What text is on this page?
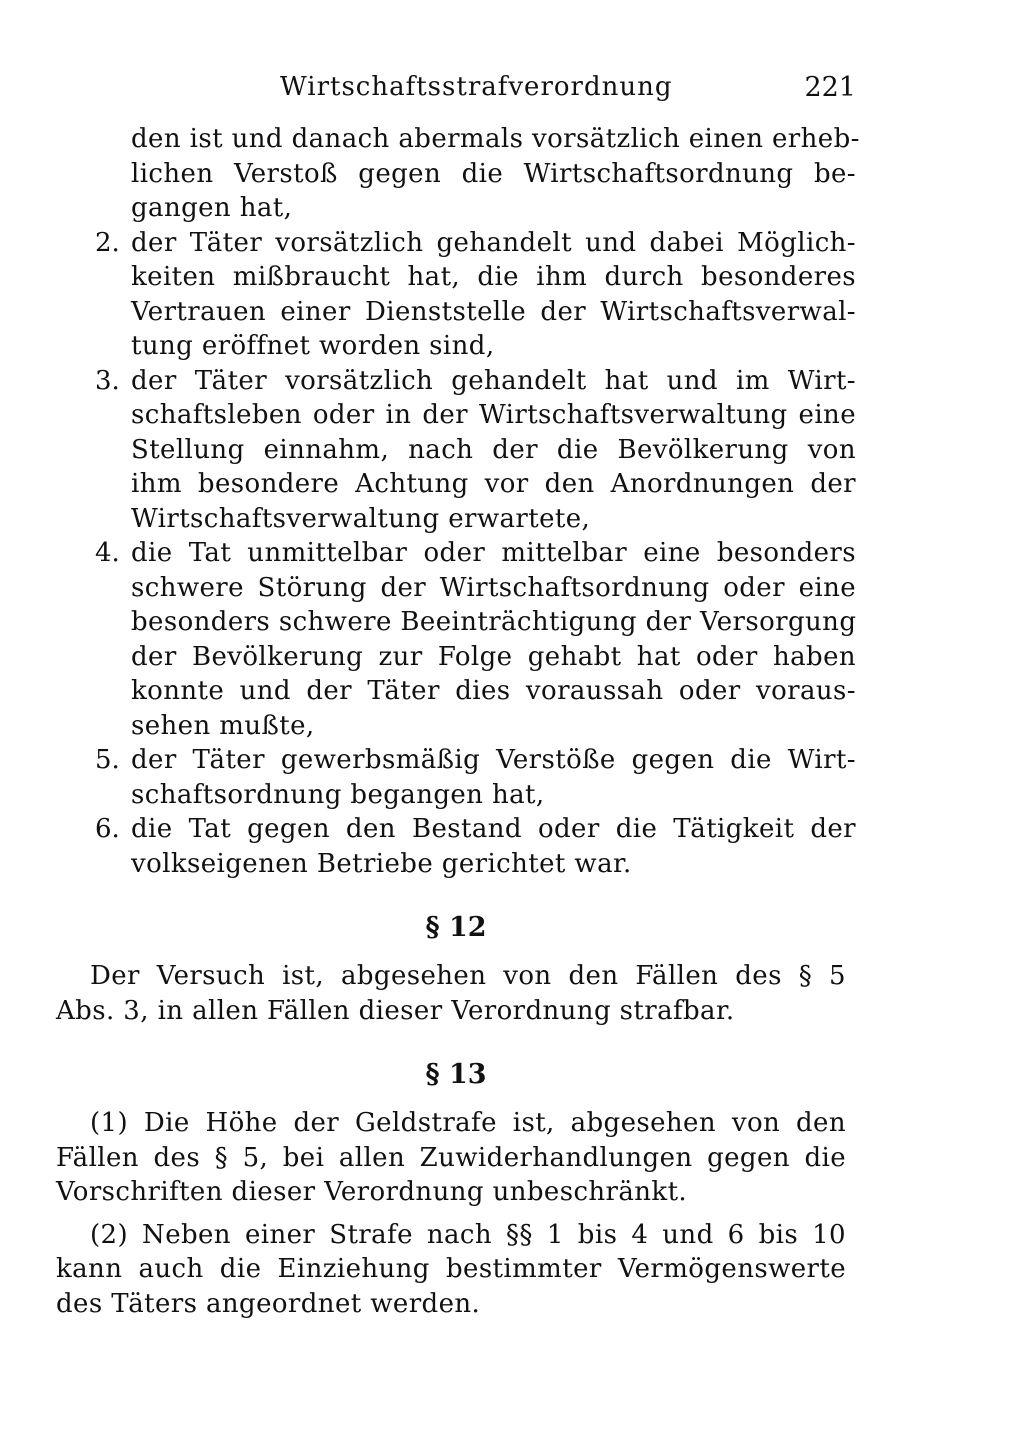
Wirtschaftsstrafverordnung	221
den ist und danach abermals vorsätzlich einen erheb-
lichen Verstoß gegen die Wirtschaftsordnung be-
gangen hat,
2. der Täter vorsätzlich gehandelt und dabei Möglich-
keiten mißbraucht hat, die ihm durch besonderes
Vertrauen einer Dienststelle der Wirtschaftsverwal-
tung eröffnet worden sind,
3. der Täter vorsätzlich gehandelt hat und im Wirt-
schaftsleben oder in der Wirtschaftsverwaltung eine
Stellung einnahm, nach der die Bevölkerung von
ihm besondere Achtung vor den Anordnungen der
Wirtschaftsverwaltung erwartete,
4. die Tat unmittelbar oder mittelbar eine besonders
schwere Störung der Wirtschaftsordnung oder eine
besonders schwere Beeinträchtigung der Versorgung
der Bevölkerung zur Folge gehabt hat oder haben
konnte und der Täter dies voraussah oder voraus-
sehen mußte,
5. der Täter gewerbsmäßig Verstöße gegen die Wirt-
schaftsordnung begangen hat,
6. die Tat gegen den Bestand oder die Tätigkeit der
volkseigenen Betriebe gerichtet war.
§ 12
Der Versuch ist, abgesehen von den Fällen des § 5
Abs. 3, in allen Fällen dieser Verordnung strafbar.
§ 13
(1) Die Höhe der Geldstrafe ist, abgesehen von den
Fällen des § 5, bei allen Zuwiderhandlungen gegen die
Vorschriften dieser Verordnung unbeschränkt.
(2) Neben einer Strafe nach §§ 1 bis 4 und 6 bis 10
kann auch die Einziehung bestimmter Vermögenswerte
des Täters angeordnet werden.
